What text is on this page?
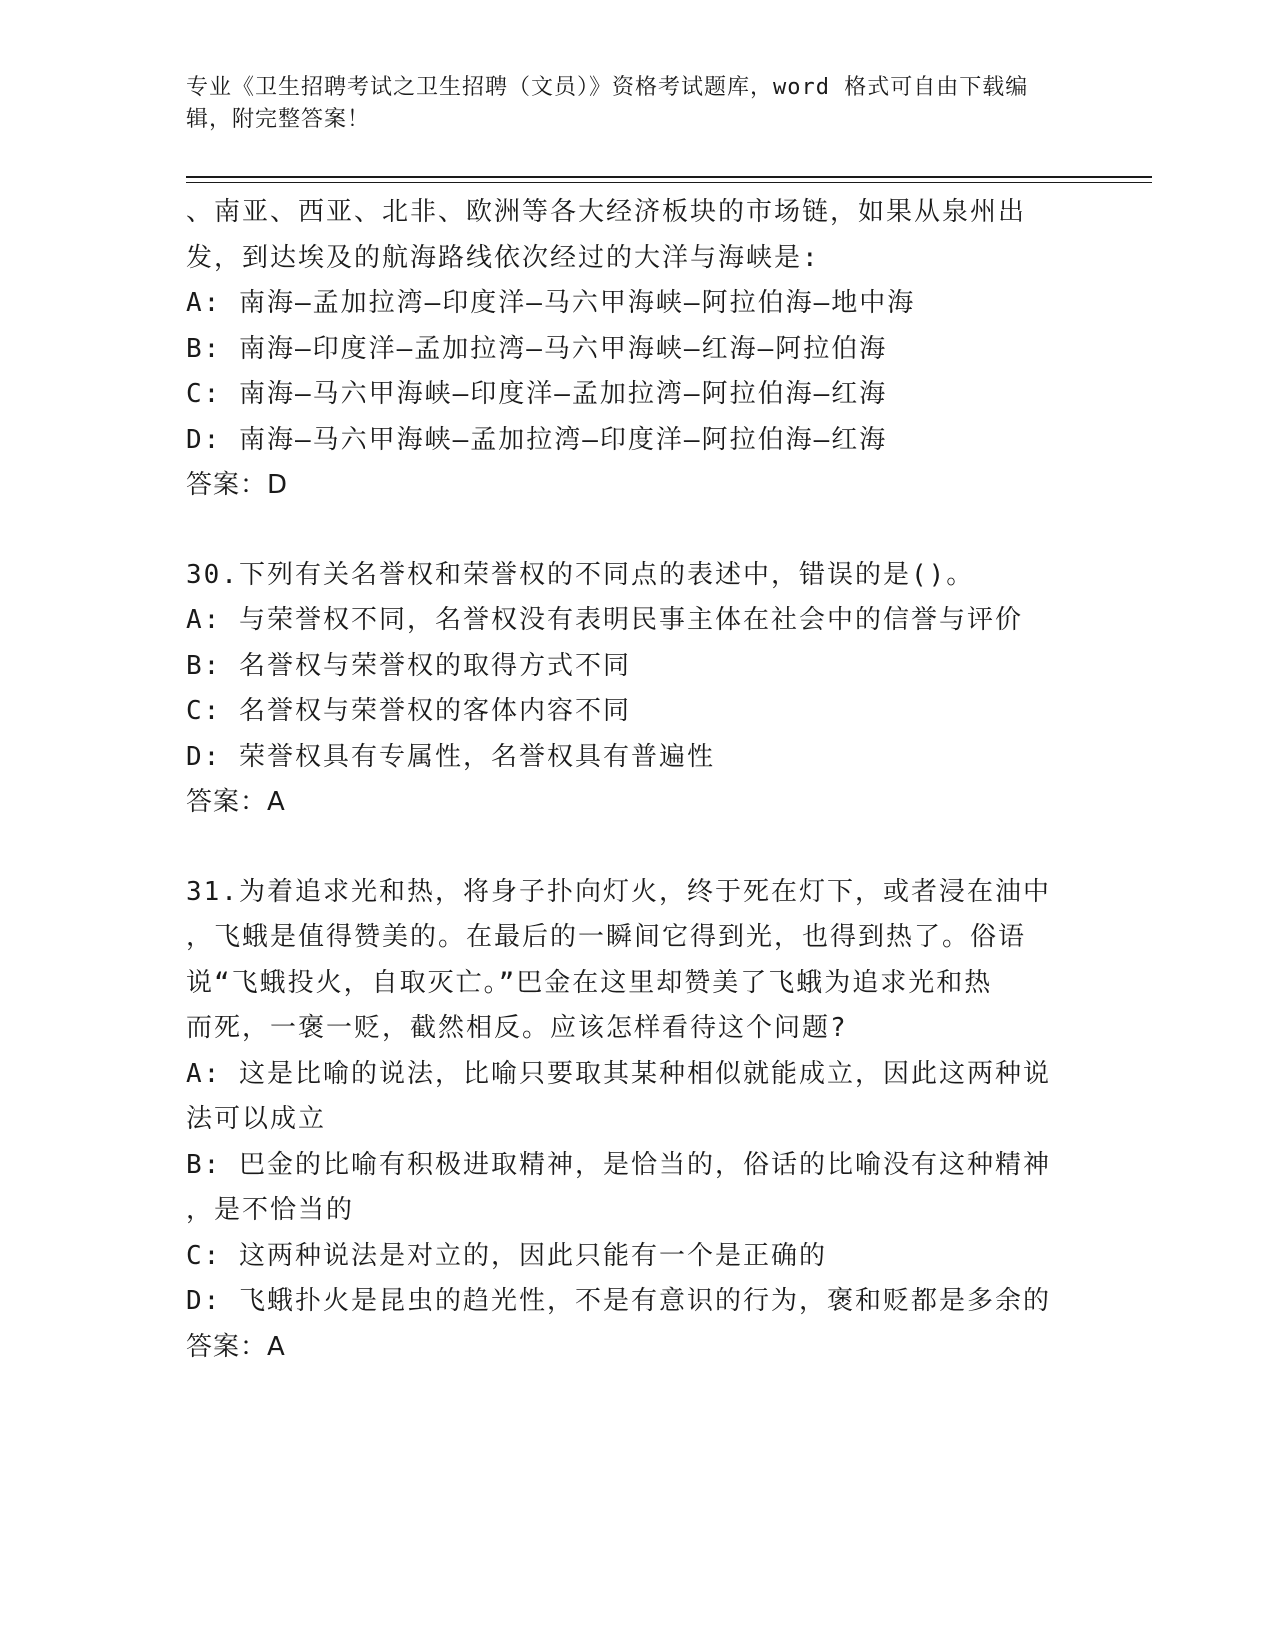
专业《卫生招聘考试之卫生招聘（文员）》资格考试题库，word 格式可自由下载编辑，附完整答案！
、南亚、西亚、北非、欧洲等各大经济板块的市场链，如果从泉州出
发，到达埃及的航海路线依次经过的大洋与海峡是:
A: 南海—孟加拉湾—印度洋—马六甲海峡—阿拉伯海—地中海
B: 南海—印度洋—孟加拉湾—马六甲海峡—红海—阿拉伯海
C: 南海—马六甲海峡—印度洋—孟加拉湾—阿拉伯海—红海
D: 南海—马六甲海峡—孟加拉湾—印度洋—阿拉伯海—红海
答案：D
30.下列有关名誉权和荣誉权的不同点的表述中，错误的是()。
A: 与荣誉权不同，名誉权没有表明民事主体在社会中的信誉与评价
B: 名誉权与荣誉权的取得方式不同
C: 名誉权与荣誉权的客体内容不同
D: 荣誉权具有专属性，名誉权具有普遍性
答案：A
31.为着追求光和热，将身子扑向灯火，终于死在灯下，或者浸在油中
，飞蛾是值得赞美的。在最后的一瞬间它得到光，也得到热了。俗语
说“飞蛾投火，自取灭亡。”巴金在这里却赞美了飞蛾为追求光和热
而死，一褒一贬，截然相反。应该怎样看待这个问题?
A: 这是比喻的说法，比喻只要取其某种相似就能成立，因此这两种说
法可以成立
B: 巴金的比喻有积极进取精神，是恰当的，俗话的比喻没有这种精神
，是不恰当的
C: 这两种说法是对立的，因此只能有一个是正确的
D: 飞蛾扑火是昆虫的趋光性，不是有意识的行为，褒和贬都是多余的
答案：A
